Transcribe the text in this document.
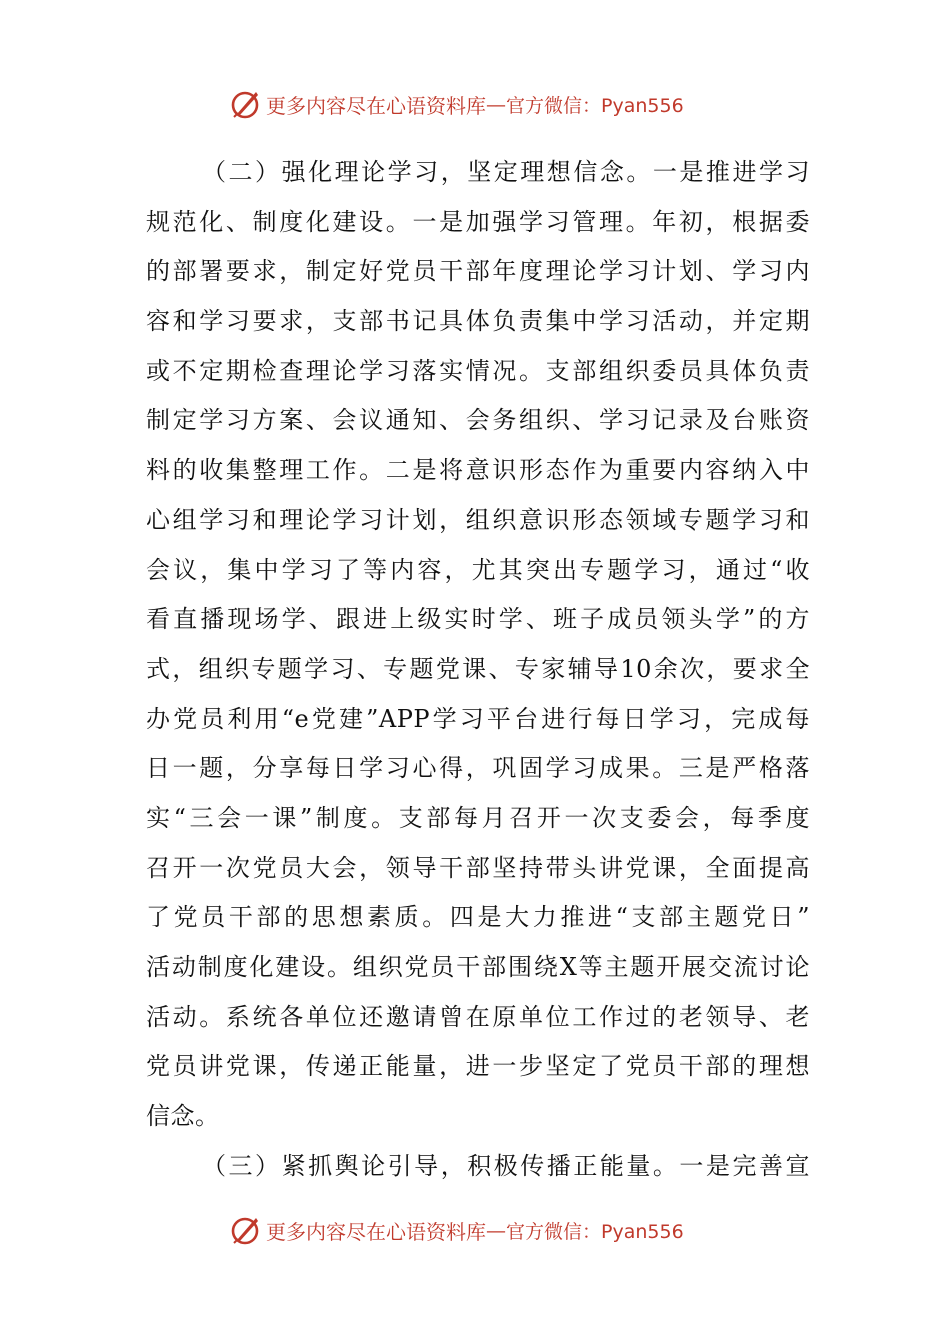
更多内容尽在心语资料库 — 官方微信：Pyan556
（二）强化理论学习，坚定理想信念。一是推进学习
规范化、制度化建设。一是加强学习管理。年初，根据委
的部署要求，制定好党员干部年度理论学习计划、学习内
容和学习要求，支部书记具体负责集中学习活动，并定期
或不定期检查理论学习落实情况。支部组织委员具体负责
制定学习方案、会议通知、会务组织、学习记录及台账资
料的收集整理工作。二是将意识形态作为重要内容纳入中
心组学习和理论学习计划，组织意识形态领域专题学习和
会议，集中学习了等内容，尤其突出专题学习，通过“收
看直播现场学、跟进上级实时学、班子成员领头学”的方
式，组织专题学习、专题党课、专家辅导10余次，要求全
办党员利用“e党建”APP学习平台进行每日学习，完成每
日一题，分享每日学习心得，巩固学习成果。三是严格落
实“三会一课”制度。支部每月召开一次支委会，每季度
召开一次党员大会，领导干部坚持带头讲党课，全面提高
了党员干部的思想素质。四是大力推进“支部主题党日”
活动制度化建设。组织党员干部围绕X等主题开展交流讨论
活动。系统各单位还邀请曾在原单位工作过的老领导、老
党员讲党课，传递正能量，进一步坚定了党员干部的理想
信念。
（三）紧抓舆论引导，积极传播正能量。一是完善宣
更多内容尽在心语资料库 — 官方微信：Pyan556
